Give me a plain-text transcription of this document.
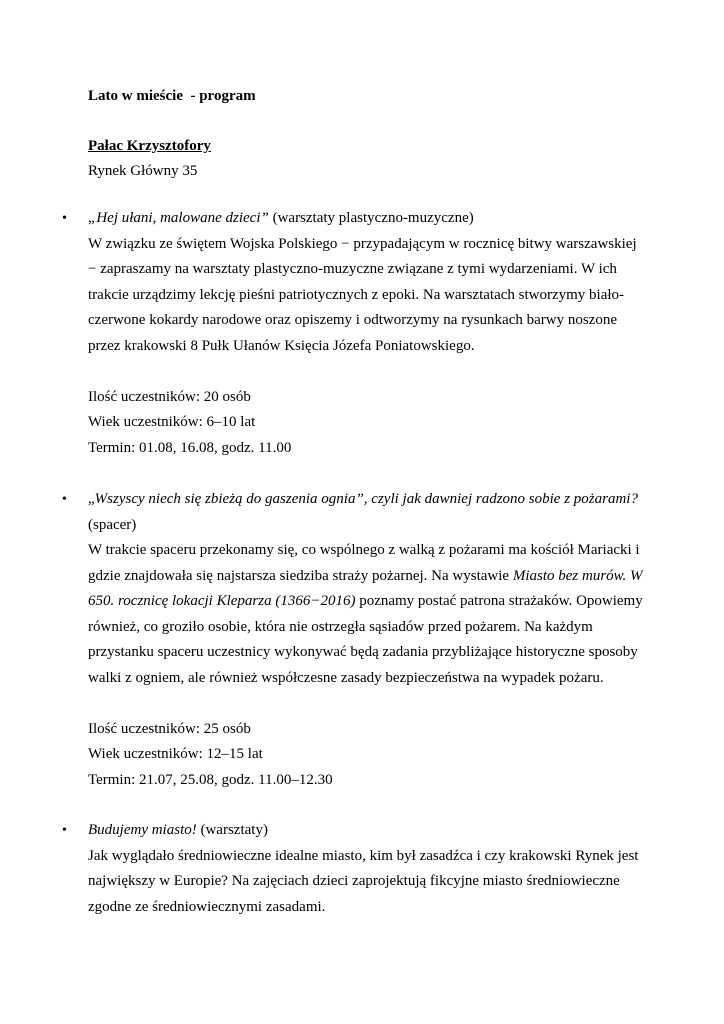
Lato w mieście  - program
Pałac Krzysztofory
Rynek Główny 35
• „Hej ułani, malowane dzieci” (warsztaty plastyczno-muzyczne)

W związku ze świętem Wojska Polskiego − przypadającym w rocznicę bitwy warszawskiej − zapraszamy na warsztaty plastyczno-muzyczne związane z tymi wydarzeniami. W ich trakcie urządzimy lekcję pieśni patriotycznych z epoki. Na warsztatach stworzymy biało-czerwone kokardy narodowe oraz opiszemy i odtworzymy na rysunkach barwy noszone przez krakowski 8 Pułk Ułanów Księcia Józefa Poniatowskiego.

Ilość uczestników: 20 osób

Wiek uczestników: 6–10 lat

Termin: 01.08, 16.08, godz. 11.00

• „Wszyscy niech się zbieżą do gaszenia ognia”, czyli jak dawniej radzono sobie z pożarami?
(spacer)

W trakcie spaceru przekonamy się, co wspólnego z walką z pożarami ma kościół Mariacki i gdzie znajdowała się najstarsza siedziba straży pożarnej. Na wystawie Miasto bez murów. W 650. rocznicę lokacji Kleparza (1366−2016) poznamy postać patrona strażaków. Opowiemy również, co groziło osobie, która nie ostrzegła sąsiadów przed pożarem. Na każdym przystanku spaceru uczestnicy wykonywać będą zadania przybliżające historyczne sposoby walki z ogniem, ale również współczesne zasady bezpieczeństwa na wypadek pożaru.

Ilość uczestników: 25 osób

Wiek uczestników: 12–15 lat

Termin: 21.07, 25.08, godz. 11.00–12.30

• Budujemy miasto! (warsztaty)

Jak wyglądało średniowieczne idealne miasto, kim był zasadźca i czy krakowski Rynek jest największy w Europie? Na zajęciach dzieci zaprojektują fikcyjne miasto średniowieczne zgodne ze średniowiecznymi zasadami.
